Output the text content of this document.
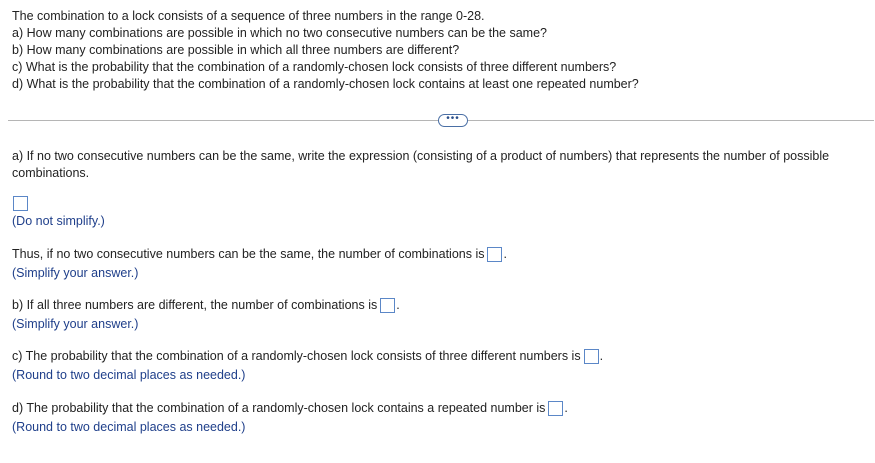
The combination to a lock consists of a sequence of three numbers in the range 0-28.
a) How many combinations are possible in which no two consecutive numbers can be the same?
b) How many combinations are possible in which all three numbers are different?
c) What is the probability that the combination of a randomly-chosen lock consists of three different numbers?
d) What is the probability that the combination of a randomly-chosen lock contains at least one repeated number?
•••
a) If no two consecutive numbers can be the same, write the expression (consisting of a product of numbers) that represents the number of possible
combinations.
(Do not simplify.)
Thus, if no two consecutive numbers can be the same, the number of combinations is .
(Simplify your answer.)
b) If all three numbers are different, the number of combinations is .
(Simplify your answer.)
c) The probability that the combination of a randomly-chosen lock consists of three different numbers is .
(Round to two decimal places as needed.)
d) The probability that the combination of a randomly-chosen lock contains a repeated number is .
(Round to two decimal places as needed.)
